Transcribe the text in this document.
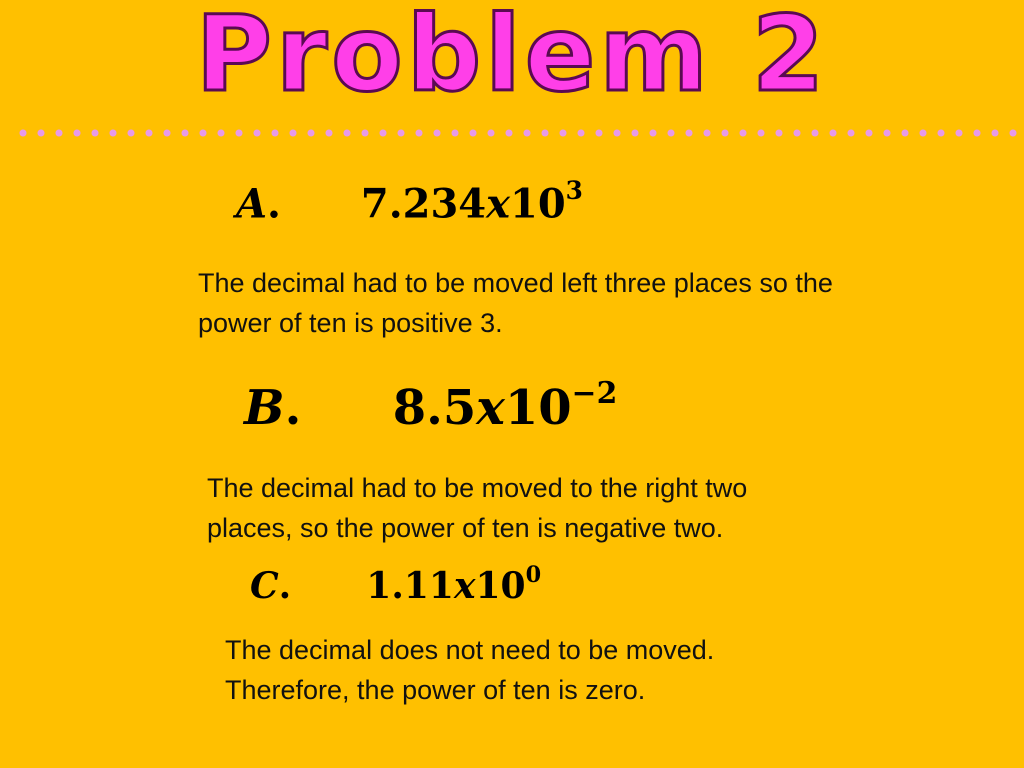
Problem 2
A. $7.234x10^3$
The decimal had to be moved left three places so the
power of ten is positive 3.
B. $8.5x10^{-2}$
The decimal had to be moved to the right two
places, so the power of ten is negative two.
C. $1.11x10^0$
The decimal does not need to be moved.
Therefore, the power of ten is zero.
